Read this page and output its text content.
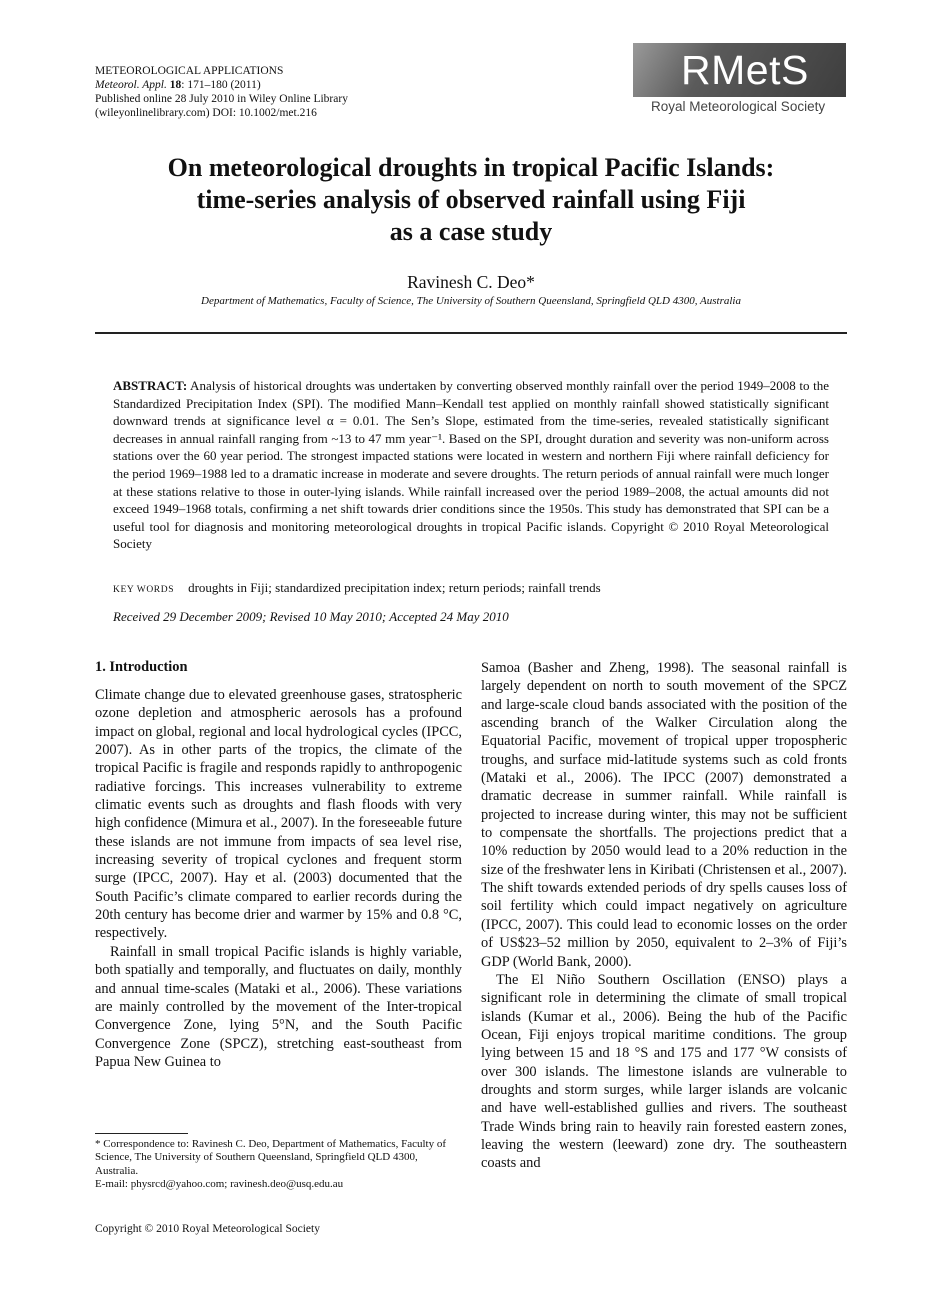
METEOROLOGICAL APPLICATIONS
Meteorol. Appl. 18: 171–180 (2011)
Published online 28 July 2010 in Wiley Online Library
(wileyonlinelibrary.com) DOI: 10.1002/met.216
RMetS
Royal Meteorological Society
On meteorological droughts in tropical Pacific Islands:
time-series analysis of observed rainfall using Fiji
as a case study
Ravinesh C. Deo*
Department of Mathematics, Faculty of Science, The University of Southern Queensland, Springfield QLD 4300, Australia
ABSTRACT: Analysis of historical droughts was undertaken by converting observed monthly rainfall over the period 1949–2008 to the Standardized Precipitation Index (SPI). The modified Mann–Kendall test applied on monthly rainfall showed statistically significant downward trends at significance level α = 0.01. The Sen’s Slope, estimated from the time-series, revealed statistically significant decreases in annual rainfall ranging from ~13 to 47 mm year⁻¹. Based on the SPI, drought duration and severity was non-uniform across stations over the 60 year period. The strongest impacted stations were located in western and northern Fiji where rainfall deficiency for the period 1969–1988 led to a dramatic increase in moderate and severe droughts. The return periods of annual rainfall were much longer at these stations relative to those in outer-lying islands. While rainfall increased over the period 1989–2008, the actual amounts did not exceed 1949–1968 totals, confirming a net shift towards drier conditions since the 1950s. This study has demonstrated that SPI can be a useful tool for diagnosis and monitoring meteorological droughts in tropical Pacific islands. Copyright © 2010 Royal Meteorological Society
KEY WORDS droughts in Fiji; standardized precipitation index; return periods; rainfall trends
Received 29 December 2009; Revised 10 May 2010; Accepted 24 May 2010
1. Introduction

Climate change due to elevated greenhouse gases, stratospheric ozone depletion and atmospheric aerosols has a profound impact on global, regional and local hydrological cycles (IPCC, 2007). As in other parts of the tropics, the climate of the tropical Pacific is fragile and responds rapidly to anthropogenic radiative forcings. This increases vulnerability to extreme climatic events such as droughts and flash floods with very high confidence (Mimura et al., 2007). In the foreseeable future these islands are not immune from impacts of sea level rise, increasing severity of tropical cyclones and frequent storm surge (IPCC, 2007). Hay et al. (2003) documented that the South Pacific’s climate compared to earlier records during the 20th century has become drier and warmer by 15% and 0.8 °C, respectively.

Rainfall in small tropical Pacific islands is highly variable, both spatially and temporally, and fluctuates on daily, monthly and annual time-scales (Mataki et al., 2006). These variations are mainly controlled by the movement of the Inter-tropical Convergence Zone, lying 5°N, and the South Pacific Convergence Zone (SPCZ), stretching east-southeast from Papua New Guinea to

Samoa (Basher and Zheng, 1998). The seasonal rainfall is largely dependent on north to south movement of the SPCZ and large-scale cloud bands associated with the position of the ascending branch of the Walker Circulation along the Equatorial Pacific, movement of tropical upper tropospheric troughs, and surface mid-latitude systems such as cold fronts (Mataki et al., 2006). The IPCC (2007) demonstrated a dramatic decrease in summer rainfall. While rainfall is projected to increase during winter, this may not be sufficient to compensate the shortfalls. The projections predict that a 10% reduction by 2050 would lead to a 20% reduction in the size of the freshwater lens in Kiribati (Christensen et al., 2007). The shift towards extended periods of dry spells causes loss of soil fertility which could impact negatively on agriculture (IPCC, 2007). This could lead to economic losses on the order of US$23–52 million by 2050, equivalent to 2–3% of Fiji’s GDP (World Bank, 2000).

The El Niño Southern Oscillation (ENSO) plays a significant role in determining the climate of small tropical islands (Kumar et al., 2006). Being the hub of the Pacific Ocean, Fiji enjoys tropical maritime conditions. The group lying between 15 and 18 °S and 175 and 177 °W consists of over 300 islands. The limestone islands are vulnerable to droughts and storm surges, while larger islands are volcanic and have well-established gullies and rivers. The southeast Trade Winds bring rain to heavily rain forested eastern zones, leaving the western (leeward) zone dry. The southeastern coasts and

* Correspondence to: Ravinesh C. Deo, Department of Mathematics, Faculty of Science, The University of Southern Queensland, Springfield QLD 4300, Australia.
E-mail: physrcd@yahoo.com; ravinesh.deo@usq.edu.au
Copyright © 2010 Royal Meteorological Society
